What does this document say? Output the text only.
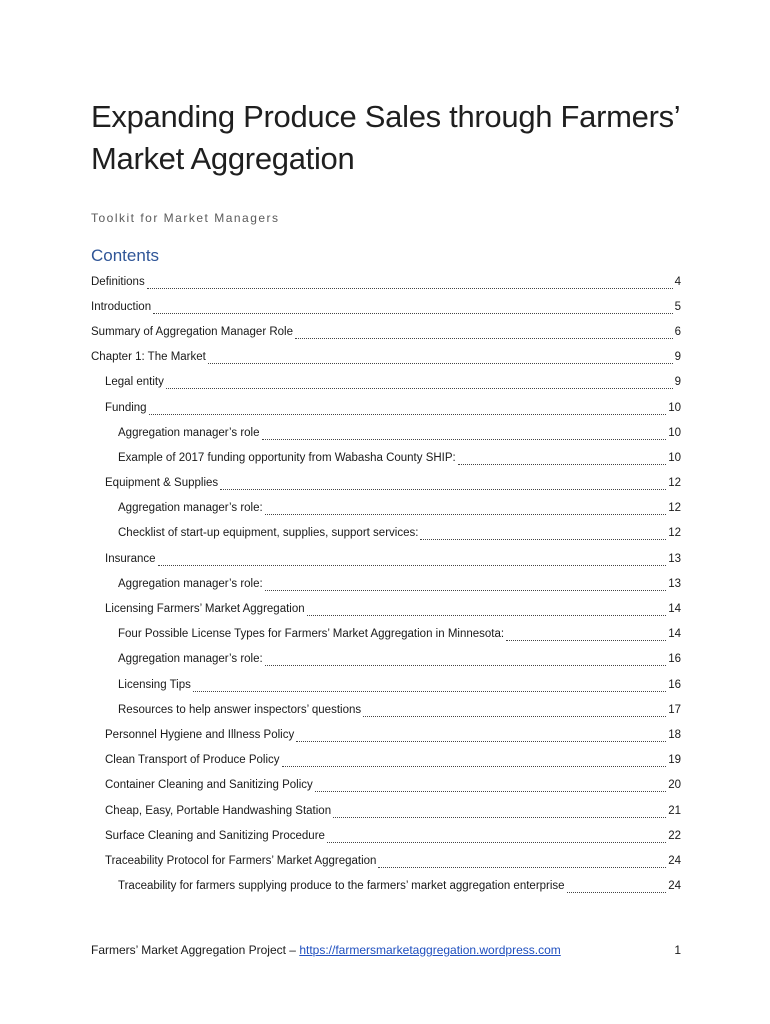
Expanding Produce Sales through Farmers’
Market Aggregation
Toolkit for Market Managers
Contents
Definitions	4
Introduction	5
Summary of Aggregation Manager Role	6
Chapter 1: The Market	9
Legal entity	9
Funding	10
Aggregation manager’s role	10
Example of 2017 funding opportunity from Wabasha County SHIP:	10
Equipment & Supplies	12
Aggregation manager’s role:	12
Checklist of start-up equipment, supplies, support services:	12
Insurance	13
Aggregation manager’s role:	13
Licensing Farmers’ Market Aggregation	14
Four Possible License Types for Farmers’ Market Aggregation in Minnesota:	14
Aggregation manager’s role:	16
Licensing Tips	16
Resources to help answer inspectors’ questions	17
Personnel Hygiene and Illness Policy	18
Clean Transport of Produce Policy	19
Container Cleaning and Sanitizing Policy	20
Cheap, Easy, Portable Handwashing Station	21
Surface Cleaning and Sanitizing Procedure	22
Traceability Protocol for Farmers’ Market Aggregation	24
Traceability for farmers supplying produce to the farmers’ market aggregation enterprise	24
Farmers’ Market Aggregation Project – https://farmersmarketaggregation.wordpress.com	1
